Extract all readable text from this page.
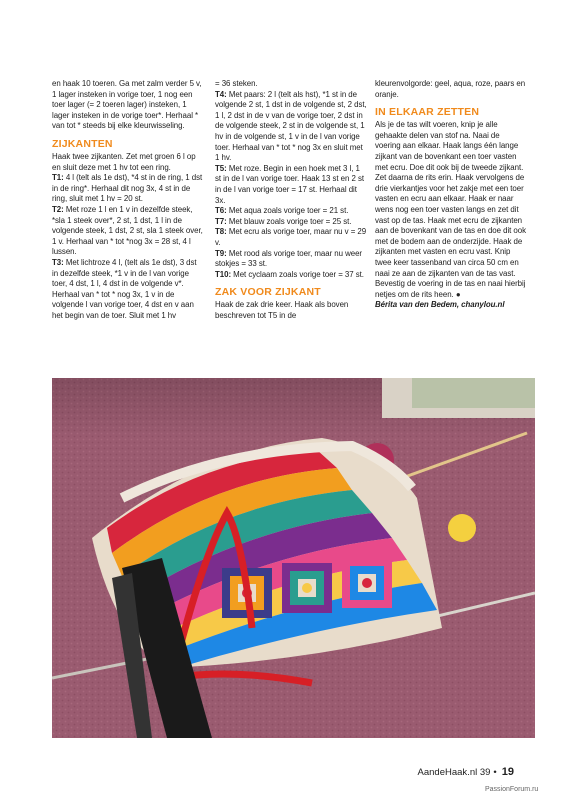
en haak 10 toeren. Ga met zalm verder 5 v, 1 lager insteken in vorige toer, 1 nog een toer lager (= 2 toeren lager) insteken, 1 lager insteken in de vorige toer*. Herhaal * van tot * steeds bij elke kleurwisseling.

ZIJKANTEN

Haak twee zijkanten. Zet met groen 6 l op en sluit deze met 1 hv tot een ring.

T1: 4 l (telt als 1e dst), *4 st in de ring, 1 dst in de ring*. Herhaal dit nog 3x, 4 st in de ring, sluit met 1 hv = 20 st.

T2: Met roze 1 l en 1 v in dezelfde steek, *sla 1 steek over*, 2 st, 1 dst, 1 l in de volgende steek, 1 dst, 2 st, sla 1 steek over, 1 v. Herhaal van * tot *nog 3x = 28 st, 4 l lussen.

T3: Met lichtroze 4 l, (telt als 1e dst), 3 dst in dezelfde steek, *1 v in de l van vorige toer, 4 dst, 1 l, 4 dst in de volgende v*. Herhaal van * tot * nog 3x, 1 v in de volgende l van vorige toer, 4 dst en v aan het begin van de toer. Sluit met 1 hv

= 36 steken.

T4: Met paars: 2 l (telt als hst), *1 st in de volgende 2 st, 1 dst in de volgende st, 2 dst, 1 l, 2 dst in de v van de vorige toer, 2 dst in de volgende steek, 2 st in de volgende st, 1 hv in de volgende st, 1 v in de l van vorige toer. Herhaal van * tot * nog 3x en sluit met 1 hv.

T5: Met roze. Begin in een hoek met 3 l, 1 st in de l van vorige toer. Haak 13 st en 2 st in de l van vorige toer = 17 st. Herhaal dit 3x.

T6: Met aqua zoals vorige toer = 21 st.

T7: Met blauw zoals vorige toer = 25 st.

T8: Met ecru als vorige toer, maar nu v = 29 v.

T9: Met rood als vorige toer, maar nu weer stokjes = 33 st.

T10: Met cyclaam zoals vorige toer = 37 st.

ZAK VOOR ZIJKANT

Haak de zak drie keer. Haak als boven beschreven tot T5 in de

kleurenvolgorde: geel, aqua, roze, paars en oranje.

IN ELKAAR ZETTEN

Als je de tas wilt voeren, knip je alle gehaakte delen van stof na. Naai de voering aan elkaar. Haak langs één lange zijkant van de bovenkant een toer vasten met ecru. Doe dit ook bij de tweede zijkant. Zet daarna de rits erin. Haak vervolgens de drie vierkantjes voor het zakje met een toer vasten en ecru aan elkaar. Haak er naar wens nog een toer vasten langs en zet dit vast op de tas. Haak met ecru de zijkanten aan de bovenkant van de tas en doe dit ook met de bodem aan de onderzijde. Haak de zijkanten met vasten en ecru vast. Knip twee keer tassenband van circa 50 cm en naai ze aan de zijkanten van de tas vast. Bevestig de voering in de tas en naai hierbij netjes om de rits heen. ●

Bérita van den Bedem, chanylou.nl

AandeHaak.nl 39 • 19
PassionForum.ru
